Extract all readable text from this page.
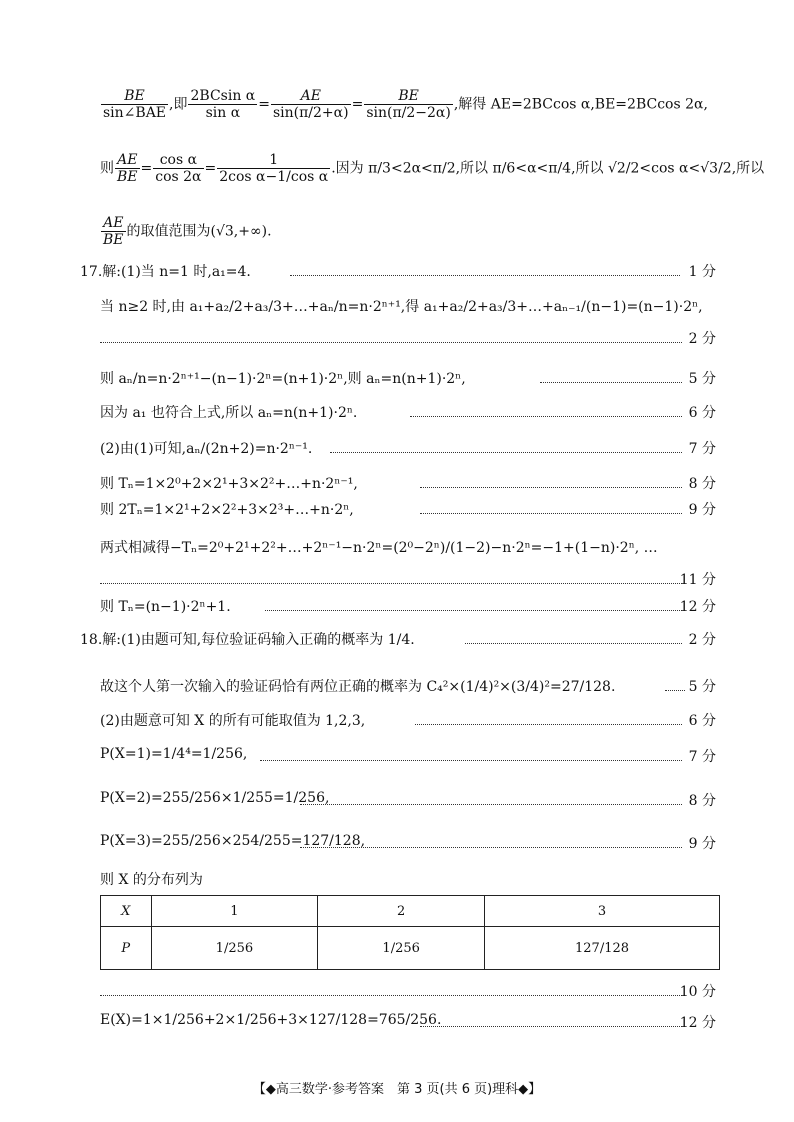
$\frac{BE}{\text{sin∠BAE}}$ ,即 $\frac{\text{2BCsin α}}{\text{sin α}} = \frac{AE}{\sin(\pi/2+\alpha)} = \frac{BE}{\sin(\pi/2-2\alpha)}$ ,解得 AE=2BCcos α,BE=2BCcos 2α,
则 $\frac{AE}{BE} = \frac{\text{cos α}}{\cos 2\alpha} = \frac{1}{\text{2cos α−1/cos α}}$ .因为 π/3<2α<π/2,所以 π/6<α<π/4,所以 √2/2<cos α<√3/2,所以
$\frac{AE}{BE}$ 的取值范围为(√3,+∞).
17.解:(1)当 n=1 时,a₁=4.	1 分
当 n≥2 时,由 a₁+a₂/2+a₃/3+…+aₙ/n=n·2ⁿ⁺¹,得 a₁+a₂/2+a₃/3+…+aₙ₋₁/(n−1)=(n−1)·2ⁿ,
2 分
则 aₙ/n=n·2ⁿ⁺¹−(n−1)·2ⁿ=(n+1)·2ⁿ,则 aₙ=n(n+1)·2ⁿ,	5 分
因为 a₁ 也符合上式,所以 aₙ=n(n+1)·2ⁿ.	6 分
(2)由(1)可知,aₙ/(2n+2)=n·2ⁿ⁻¹.	7 分
则 Tₙ=1×2⁰+2×2¹+3×2²+…+n·2ⁿ⁻¹,	8 分
则 2Tₙ=1×2¹+2×2²+3×2³+…+n·2ⁿ,	9 分
两式相减得−Tₙ=2⁰+2¹+2²+…+2ⁿ⁻¹−n·2ⁿ=(2⁰−2ⁿ)/(1−2)−n·2ⁿ=−1+(1−n)·2ⁿ, …
11 分
则 Tₙ=(n−1)·2ⁿ+1.	12 分
18.解:(1)由题可知,每位验证码输入正确的概率为 1/4.	2 分
故这个人第一次输入的验证码恰有两位正确的概率为 C₄²×(1/4)²×(3/4)²=27/128.	5 分
(2)由题意可知 X 的所有可能取值为 1,2,3,	6 分
P(X=1)=1/4⁴=1/256,	7 分
P(X=2)=255/256×1/255=1/256,	8 分
P(X=3)=255/256×254/255=127/128,	9 分
则 X 的分布列为
X	1	2	3
P	1/256	1/256	127/128
10 分
E(X)=1×1/256+2×1/256+3×127/128=765/256.	12 分
【◆高三数学·参考答案　第 3 页(共 6 页)理科◆】
